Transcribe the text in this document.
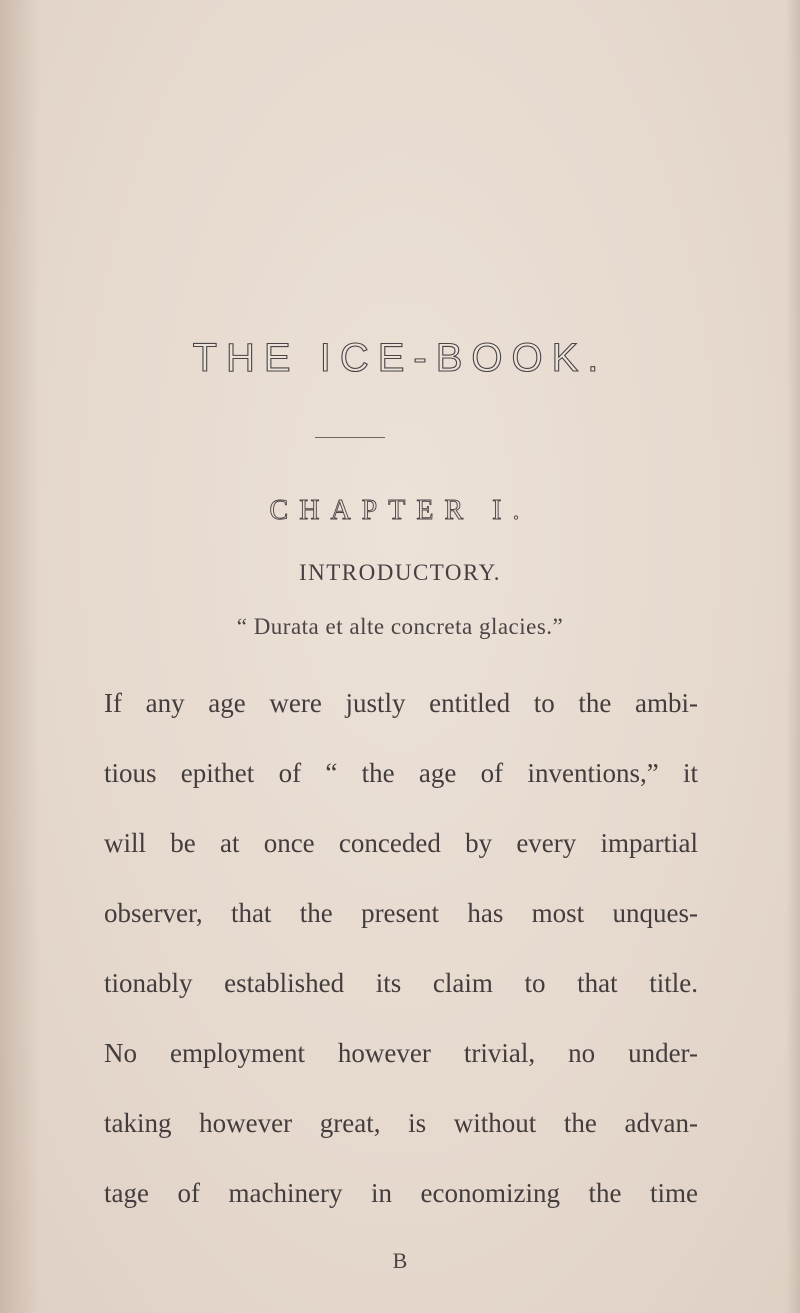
THE ICE-BOOK.
CHAPTER I.
INTRODUCTORY.
“ Durata et alte concreta glacies.”
If any age were justly entitled to the ambi-
tious epithet of “ the age of inventions,” it
will be at once conceded by every impartial
observer, that the present has most unques-
tionably established its claim to that title.
No employment however trivial, no under-
taking however great, is without the advan-
tage of machinery in economizing the time
B
